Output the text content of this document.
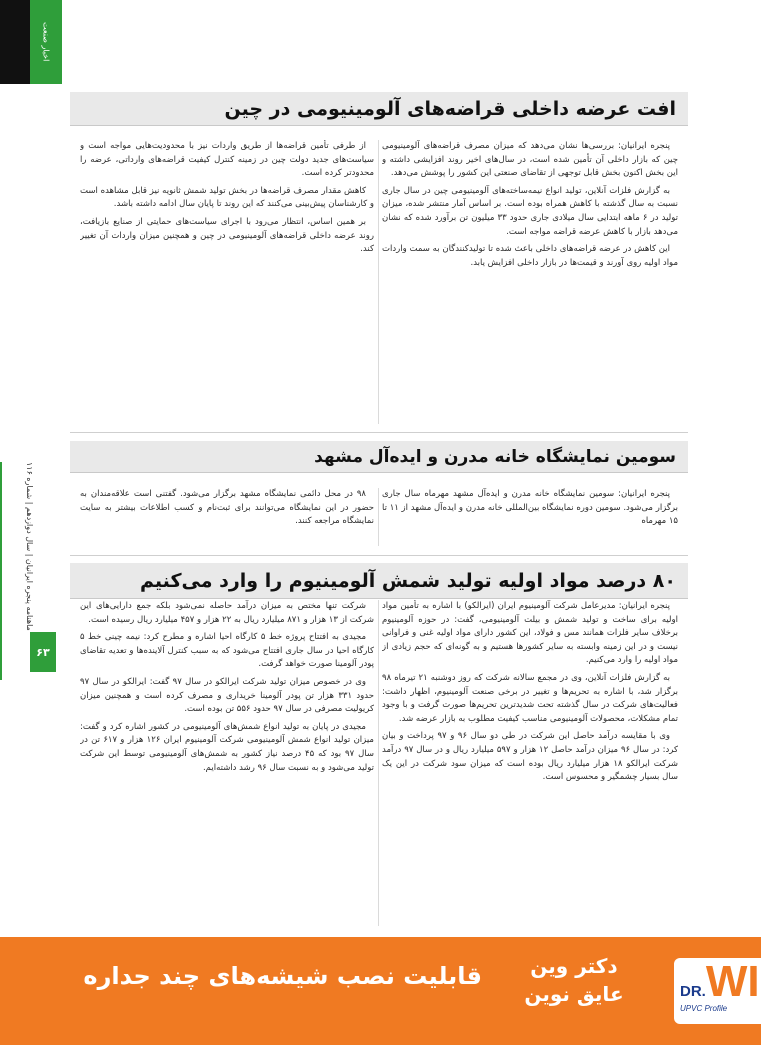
اخبار صنعت
ماهنامه پنجره ایرانیان | سال دوازدهم | شماره ۱۱۶
۶۳
افت عرضه داخلی قراضه‌های آلومینیومی در چین

پنجره ایرانیان: بررسی‌ها نشان می‌دهد که میزان مصرف قراضه‌های آلومینیومی چین که بازار داخلی آن تأمین شده است، در سال‌های اخیر روند افزایشی داشته و این بخش اکنون بخش قابل توجهی از تقاضای صنعتی این کشور را پوشش می‌دهد.

به گزارش فلزات آنلاین، تولید انواع نیمه‌ساخته‌های آلومینیومی چین در سال جاری نسبت به سال گذشته با کاهش همراه بوده است. بر اساس آمار منتشر شده، میزان تولید در ۶ ماهه ابتدایی سال میلادی جاری حدود ۳۳ میلیون تن برآورد شده که نشان می‌دهد بازار با کاهش عرضه قراضه مواجه است.

این کاهش در عرضه قراضه‌های داخلی باعث شده تا تولیدکنندگان به سمت واردات مواد اولیه روی آورند و قیمت‌ها در بازار داخلی افزایش یابد.

از طرفی تأمین قراضه‌ها از طریق واردات نیز با محدودیت‌هایی مواجه است و سیاست‌های جدید دولت چین در زمینه کنترل کیفیت قراضه‌های وارداتی، عرضه را محدودتر کرده است.

کاهش مقدار مصرف قراضه‌ها در بخش تولید شمش ثانویه نیز قابل مشاهده است و کارشناسان پیش‌بینی می‌کنند که این روند تا پایان سال ادامه داشته باشد.

بر همین اساس، انتظار می‌رود با اجرای سیاست‌های حمایتی از صنایع بازیافت، روند عرضه داخلی قراضه‌های آلومینیومی در چین و همچنین میزان واردات آن تغییر کند.

سومین نمایشگاه خانه مدرن و ایده‌آل مشهد

پنجره ایرانیان: سومین نمایشگاه خانه مدرن و ایده‌آل مشهد مهرماه سال جاری برگزار می‌شود. سومین دوره نمایشگاه بین‌المللی خانه مدرن و ایده‌آل مشهد از ۱۱ تا ۱۵ مهرماه

۹۸ در محل دائمی نمایشگاه مشهد برگزار می‌شود. گفتنی است علاقه‌مندان به حضور در این نمایشگاه می‌توانند برای ثبت‌نام و کسب اطلاعات بیشتر به سایت نمایشگاه مراجعه کنند.

۸۰ درصد مواد اولیه تولید شمش آلومینیوم را وارد می‌کنیم

پنجره ایرانیان: مدیرعامل شرکت آلومینیوم ایران (ایرالکو) با اشاره به تأمین مواد اولیه برای ساخت و تولید شمش و بیلت آلومینیومی، گفت: در حوزه آلومینیوم برخلاف سایر فلزات همانند مس و فولاد، این کشور دارای مواد اولیه غنی و فراوانی نیست و در این زمینه وابسته به سایر کشورها هستیم و به گونه‌ای که حجم زیادی از مواد اولیه را وارد می‌کنیم.

به گزارش فلزات آنلاین، وی در مجمع سالانه شرکت که روز دوشنبه ۲۱ تیرماه ۹۸ برگزار شد، با اشاره به تحریم‌ها و تغییر در برخی صنعت آلومینیوم، اظهار داشت: فعالیت‌های شرکت در سال گذشته تحت شدیدترین تحریم‌ها صورت گرفت و با وجود تمام مشکلات، محصولات آلومینیومی مناسب کیفیت مطلوب به بازار عرضه شد.

وی با مقایسه درآمد حاصل این شرکت در طی دو سال ۹۶ و ۹۷ پرداخت و بیان کرد: در سال ۹۶ میزان درآمد حاصل ۱۲ هزار و ۵۹۷ میلیارد ریال و در سال ۹۷ درآمد شرکت ایرالکو ۱۸ هزار میلیارد ریال بوده است که میزان سود شرکت در این یک سال بسیار چشمگیر و محسوس است.

شرکت تنها مختص به میزان درآمد حاصله نمی‌شود بلکه جمع دارایی‌های این شرکت از ۱۳ هزار و ۸۷۱ میلیارد ریال به ۲۲ هزار و ۴۵۷ میلیارد ریال رسیده است.

مجیدی به افتتاح پروژه خط ۵ کارگاه احیا اشاره و مطرح کرد: نیمه چینی خط ۵ کارگاه احیا در سال جاری افتتاح می‌شود که به سبب کنترل آلاینده‌ها و تعدیه تقاضای پودر آلومینا صورت خواهد گرفت.

وی در خصوص میزان تولید شرکت ایرالکو در سال ۹۷ گفت: ایرالکو در سال ۹۷ حدود ۳۳۱ هزار تن پودر آلومینا خریداری و مصرف کرده است و همچنین میزان کریولیت مصرفی در سال ۹۷ حدود ۵۵۶ تن بوده است.

مجیدی در پایان به تولید انواع شمش‌های آلومینیومی در کشور اشاره کرد و گفت: میزان تولید انواع شمش آلومینیومی شرکت آلومینیوم ایران ۱۲۶ هزار و ۶۱۷ تن در سال ۹۷ بود که ۴۵ درصد نیاز کشور به شمش‌های آلومینیومی توسط این شرکت تولید می‌شود و به نسبت سال ۹۶ رشد داشته‌ایم.

قابلیت نصب شیشه‌های چند جداره	دکتر وین
عایق نوین	DR.WI
UPVC Profile
